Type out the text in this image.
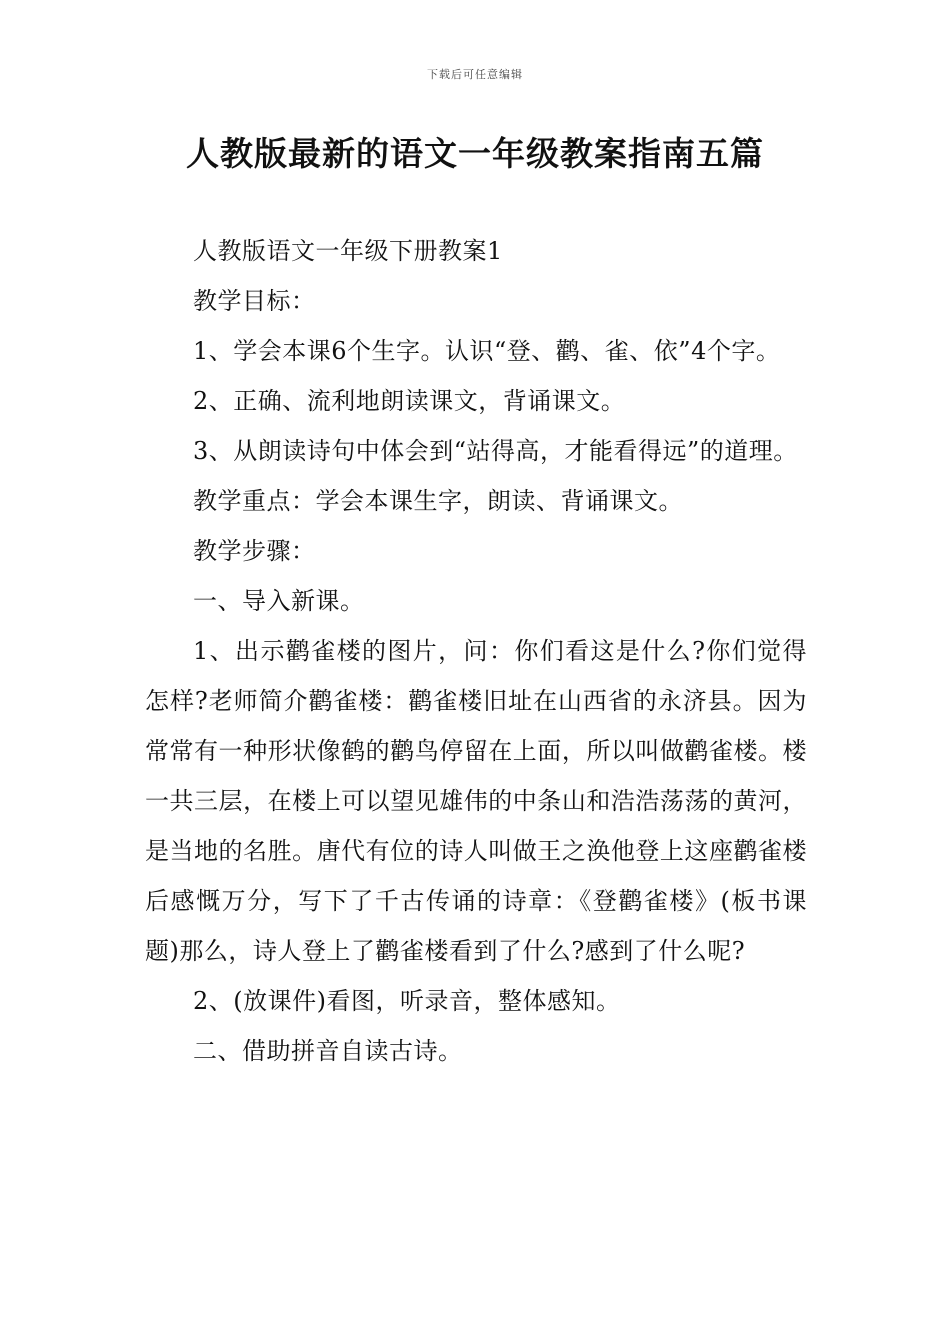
下载后可任意编辑
人教版最新的语文一年级教案指南五篇

人教版语文一年级下册教案1

教学目标：

1、学会本课6个生字。认识“登、鹳、雀、依”4个字。

2、正确、流利地朗读课文，背诵课文。

3、从朗读诗句中体会到“站得高，才能看得远”的道理。

教学重点：学会本课生字，朗读、背诵课文。

教学步骤：

一、导入新课。

1、出示鹳雀楼的图片，问：你们看这是什么?你们觉得怎样?老师简介鹳雀楼：鹳雀楼旧址在山西省的永济县。因为常常有一种形状像鹤的鹳鸟停留在上面，所以叫做鹳雀楼。楼一共三层，在楼上可以望见雄伟的中条山和浩浩荡荡的黄河，是当地的名胜。唐代有位的诗人叫做王之涣他登上这座鹳雀楼后感慨万分，写下了千古传诵的诗章：《登鹳雀楼》(板书课题)那么，诗人登上了鹳雀楼看到了什么?感到了什么呢?

2、(放课件)看图，听录音，整体感知。

二、借助拼音自读古诗。
